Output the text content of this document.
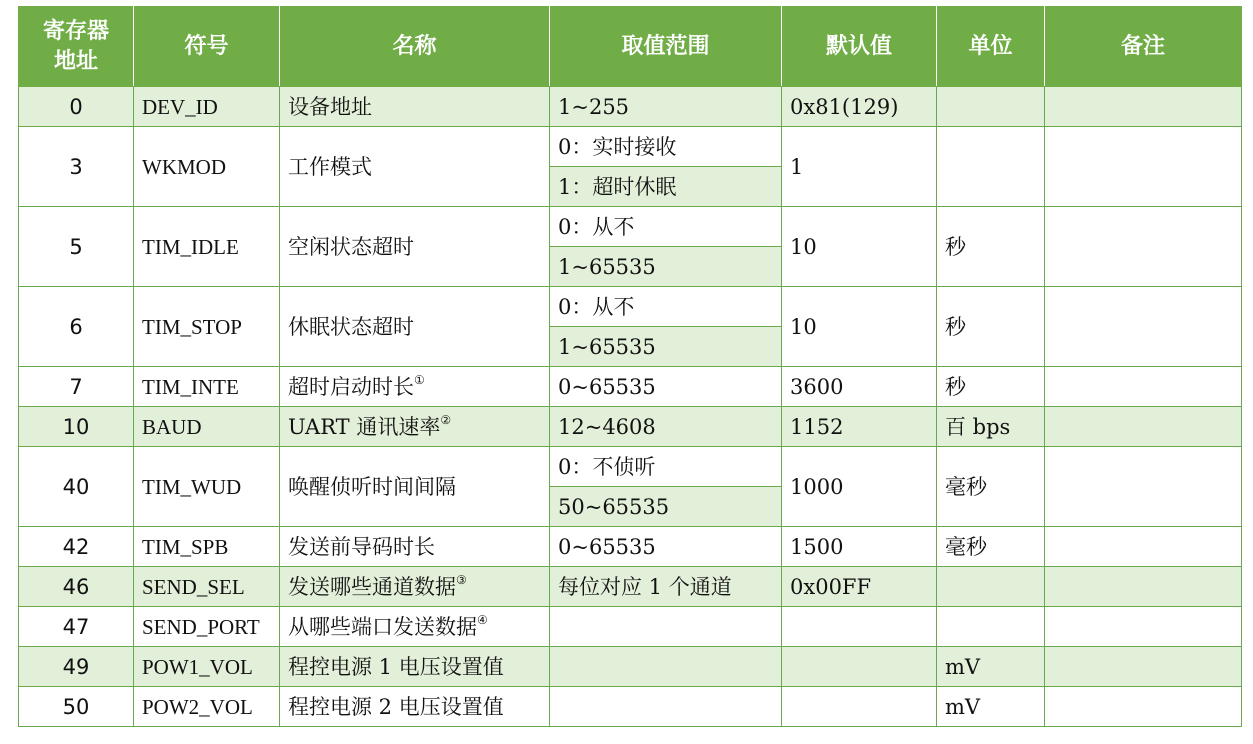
寄存器
地址	符号	名称	取值范围	默认值	单位	备注
0	DEV_ID	设备地址	1~255	0x81(129)		
3	WKMOD	工作模式	0：实时接收	1		
			1：超时休眠			
5	TIM_IDLE	空闲状态超时	0：从不	10	秒	
			1~65535			
6	TIM_STOP	休眠状态超时	0：从不	10	秒	
			1~65535			
7	TIM_INTE	超时启动时长①	0~65535	3600	秒	
10	BAUD	UART 通讯速率②	12~4608	1152	百 bps	
40	TIM_WUD	唤醒侦听时间间隔	0：不侦听	1000	毫秒	
			50~65535			
42	TIM_SPB	发送前导码时长	0~65535	1500	毫秒	
46	SEND_SEL	发送哪些通道数据③	每位对应 1 个通道	0x00FF		
47	SEND_PORT	从哪些端口发送数据④				
49	POW1_VOL	程控电源 1 电压设置值			mV	
50	POW2_VOL	程控电源 2 电压设置值			mV	
